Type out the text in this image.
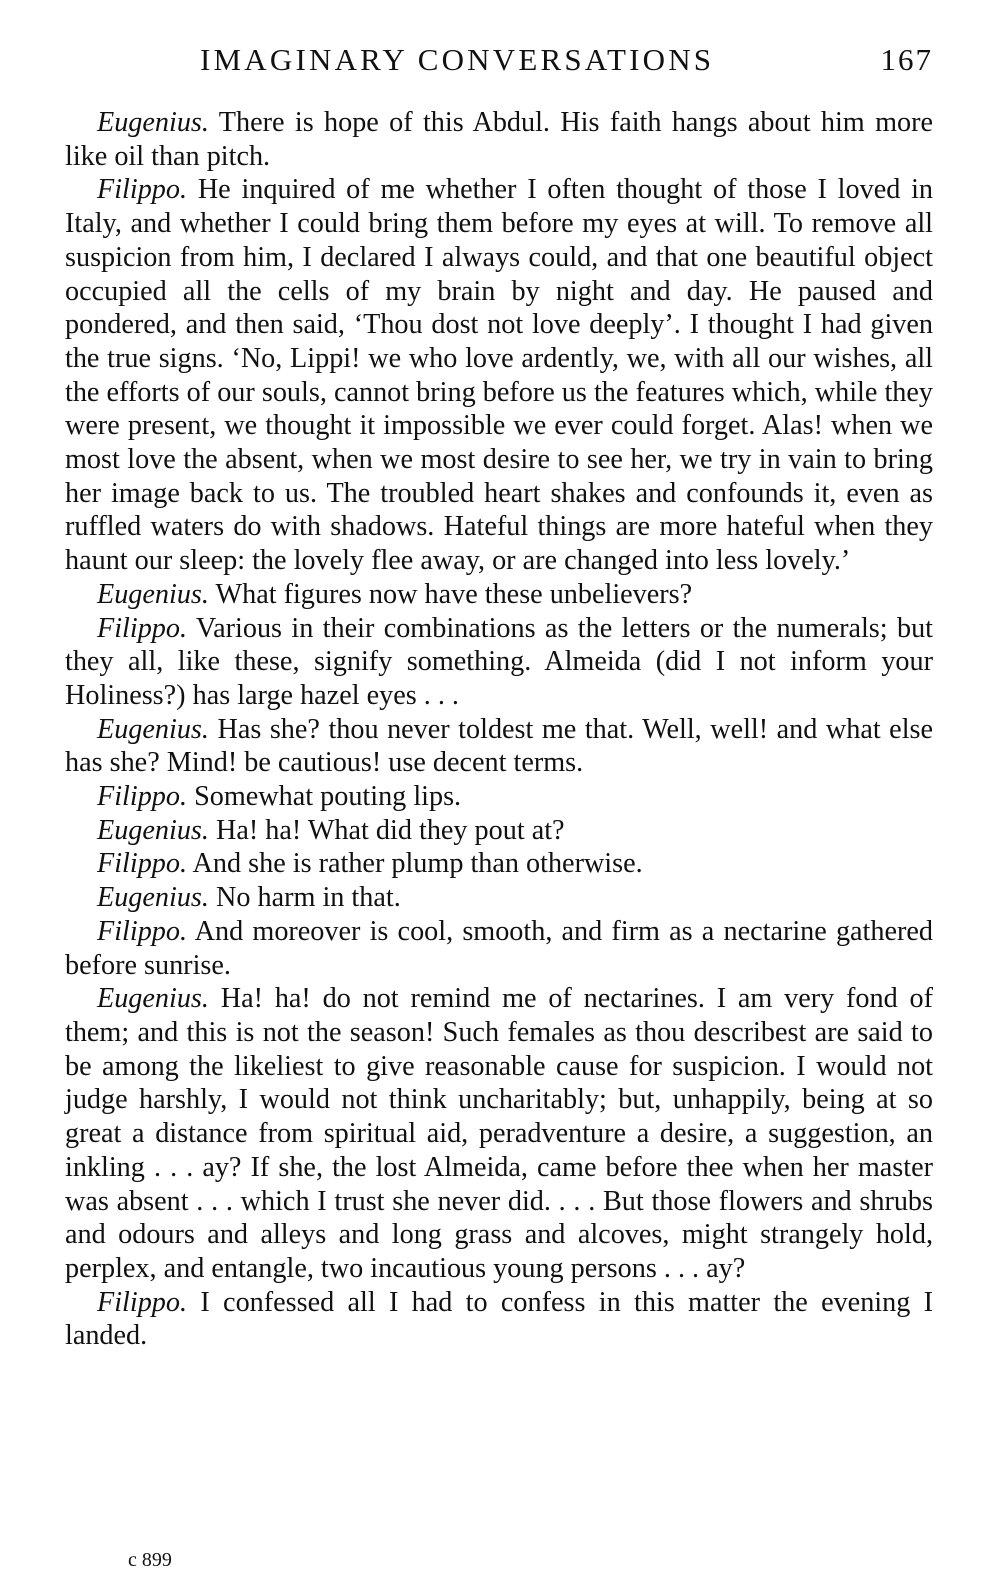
IMAGINARY CONVERSATIONS	167

Eugenius. There is hope of this Abdul. His faith hangs about him more like oil than pitch.

Filippo. He inquired of me whether I often thought of those I loved in Italy, and whether I could bring them before my eyes at will. To remove all suspicion from him, I declared I always could, and that one beautiful object occupied all the cells of my brain by night and day. He paused and pondered, and then said, ‘Thou dost not love deeply’. I thought I had given the true signs. ‘No, Lippi! we who love ardently, we, with all our wishes, all the efforts of our souls, cannot bring before us the features which, while they were present, we thought it impossible we ever could forget. Alas! when we most love the absent, when we most desire to see her, we try in vain to bring her image back to us. The troubled heart shakes and confounds it, even as ruffled waters do with shadows. Hateful things are more hateful when they haunt our sleep: the lovely flee away, or are changed into less lovely.’

Eugenius. What figures now have these unbelievers?

Filippo. Various in their combinations as the letters or the numerals; but they all, like these, signify something. Almeida (did I not inform your Holiness?) has large hazel eyes . . .

Eugenius. Has she? thou never toldest me that. Well, well! and what else has she? Mind! be cautious! use decent terms.

Filippo. Somewhat pouting lips.

Eugenius. Ha! ha! What did they pout at?

Filippo. And she is rather plump than otherwise.

Eugenius. No harm in that.

Filippo. And moreover is cool, smooth, and firm as a nectarine gathered before sunrise.

Eugenius. Ha! ha! do not remind me of nectarines. I am very fond of them; and this is not the season! Such females as thou describest are said to be among the likeliest to give reasonable cause for suspicion. I would not judge harshly, I would not think uncharitably; but, unhappily, being at so great a distance from spiritual aid, peradventure a desire, a suggestion, an inkling . . . ay? If she, the lost Almeida, came before thee when her master was absent . . . which I trust she never did. . . . But those flowers and shrubs and odours and alleys and long grass and alcoves, might strangely hold, perplex, and entangle, two incautious young persons . . . ay?

Filippo. I confessed all I had to confess in this matter the evening I landed.

c 899
